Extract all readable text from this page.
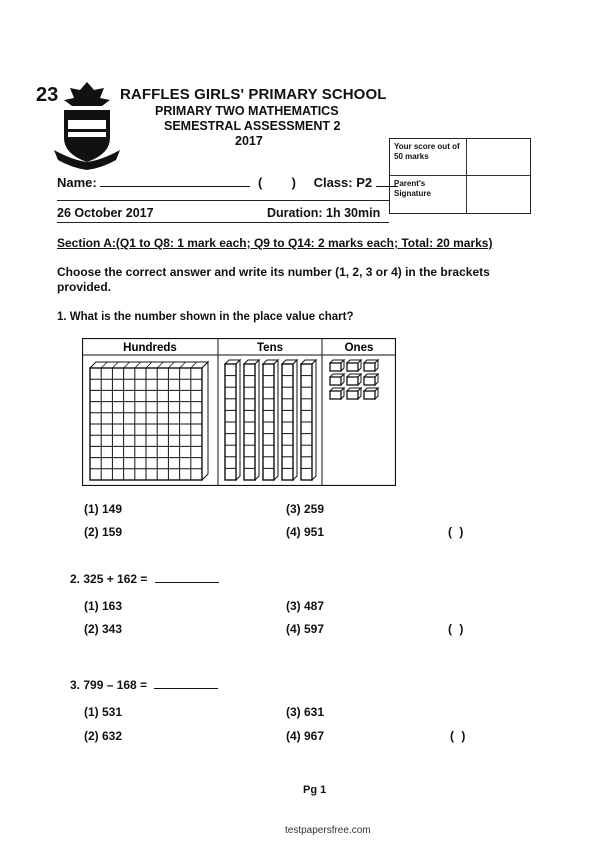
23	RAFFLES GIRLS' PRIMARY SCHOOL
PRIMARY TWO MATHEMATICS
SEMESTRAL ASSESSMENT 2
2017	Your score out of 50 marks
Parent's Signature
Name:	( ) Class: P2
26 October 2017	Duration: 1h 30min
Section A:(Q1 to Q8: 1 mark each; Q9 to Q14: 2 marks each; Total: 20 marks)
Choose the correct answer and write its number (1, 2, 3 or 4) in the brackets provided.
1. What is the number shown in the place value chart?
Hundreds	Tens	Ones
(1) 149
(2) 159
(3) 259
(4) 951	( )
2. 325 + 162 =
(1) 163
(2) 343
(3) 487
(4) 597	( )
3. 799 – 168 =
(1) 531
(2) 632
(3) 631
(4) 967	( )
Pg 1
testpapersfree.com
